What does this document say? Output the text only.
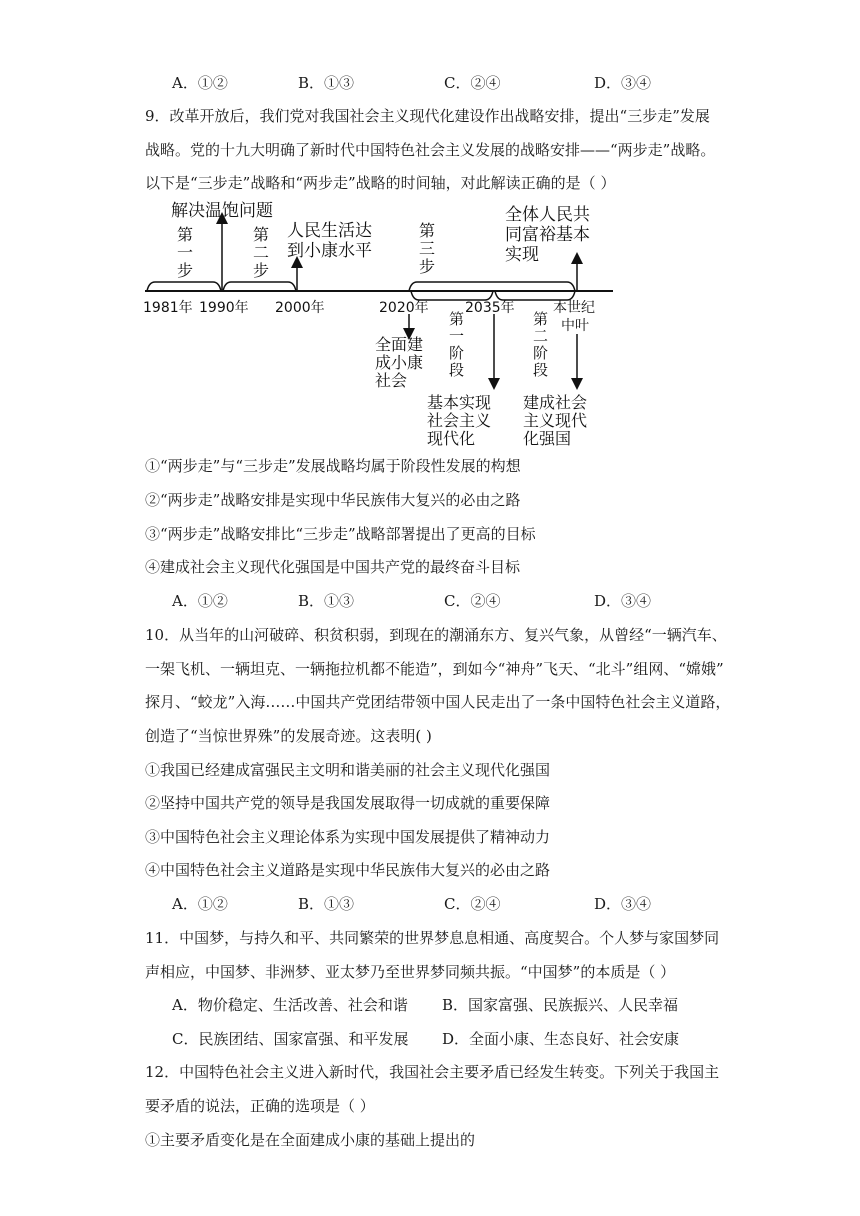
A．①②	B．①③	C．②④	D．③④
9．改革开放后，我们党对我国社会主义现代化建设作出战略安排，提出“三步走”发展
战略。党的十九大明确了新时代中国特色社会主义发展的战略安排——“两步走”战略。
以下是“三步走”战略和“两步走”战略的时间轴，对此解读正确的是（ ）
解决温饱问题
第 一 步
第 二 步
人民生活达 到小康水平
第 三 步
全体人民共 同富裕基本 实现
1981年 1990年 2000年	2020年	2035年	本世纪
中叶
全面建 成小康 社会
第 一 阶 段
基本实现 社会主义 现代化
第 二 阶 段
建成社会 主义现代 化强国
①“两步走”与“三步走”发展战略均属于阶段性发展的构想
②“两步走”战略安排是实现中华民族伟大复兴的必由之路
③“两步走”战略安排比“三步走”战略部署提出了更高的目标
④建成社会主义现代化强国是中国共产党的最终奋斗目标
A．①②	B．①③	C．②④	D．③④
10．从当年的山河破碎、积贫积弱，到现在的潮涌东方、复兴气象，从曾经“一辆汽车、
一架飞机、一辆坦克、一辆拖拉机都不能造”，到如今“神舟”飞天、“北斗”组网、“嫦娥”
探月、“蛟龙”入海……中国共产党团结带领中国人民走出了一条中国特色社会主义道路，
创造了“当惊世界殊”的发展奇迹。这表明( )
①我国已经建成富强民主文明和谐美丽的社会主义现代化强国
②坚持中国共产党的领导是我国发展取得一切成就的重要保障
③中国特色社会主义理论体系为实现中国发展提供了精神动力
④中国特色社会主义道路是实现中华民族伟大复兴的必由之路
A．①②	B．①③	C．②④	D．③④
11．中国梦，与持久和平、共同繁荣的世界梦息息相通、高度契合。个人梦与家国梦同
声相应，中国梦、非洲梦、亚太梦乃至世界梦同频共振。“中国梦”的本质是（ ）
A．物价稳定、生活改善、社会和谐 B．国家富强、民族振兴、人民幸福
C．民族团结、国家富强、和平发展 D．全面小康、生态良好、社会安康
12．中国特色社会主义进入新时代，我国社会主要矛盾已经发生转变。下列关于我国主
要矛盾的说法，正确的选项是（ ）
①主要矛盾变化是在全面建成小康的基础上提出的
